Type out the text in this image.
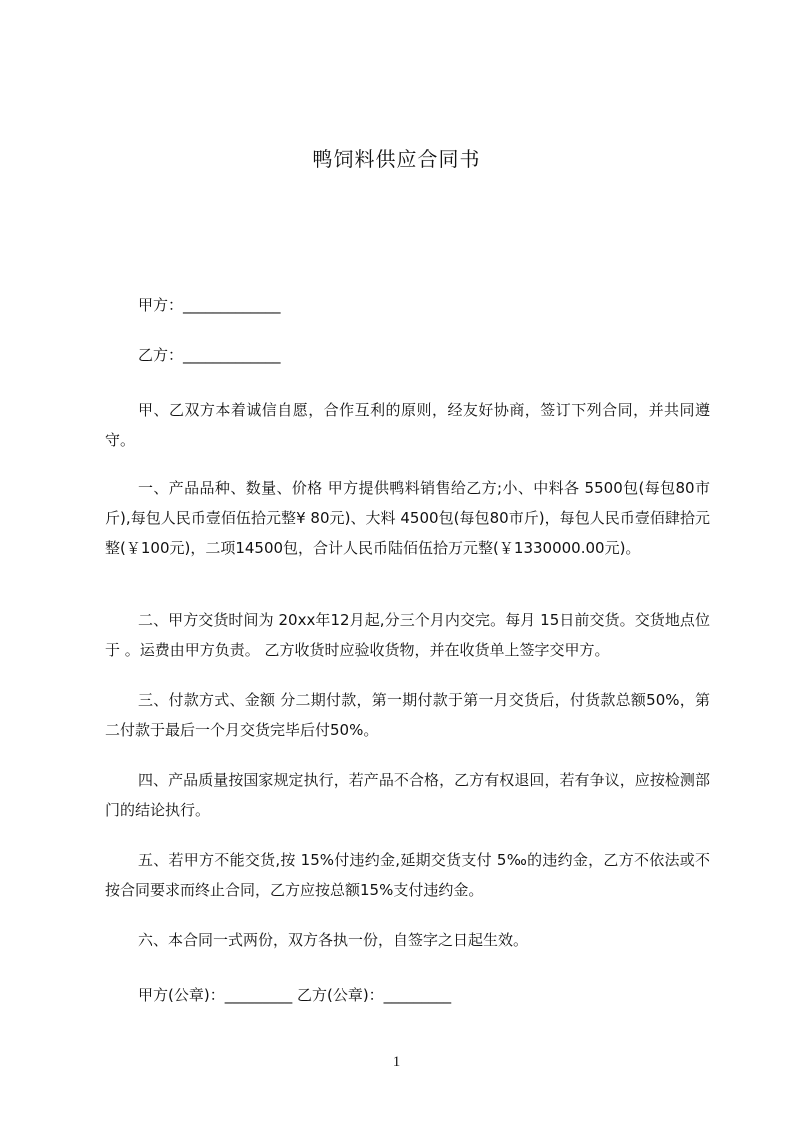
鸭饲料供应合同书
甲方：_____________
乙方：_____________
甲、乙双方本着诚信自愿，合作互利的原则，经友好协商，签订下列合同，并共同遵守。
一、产品品种、数量、价格 甲方提供鸭料销售给乙方;小、中料各 5500包(每包80市斤),每包人民币壹佰伍拾元整¥ 80元)、大料 4500包(每包80市斤)，每包人民币壹佰肆拾元整(￥100元)，二项14500包，合计人民币陆佰伍拾万元整(￥1330000.00元)。
二、甲方交货时间为 20xx年12月起,分三个月内交完。每月 15日前交货。交货地点位于 。运费由甲方负责。 乙方收货时应验收货物，并在收货单上签字交甲方。
三、付款方式、金额 分二期付款，第一期付款于第一月交货后，付货款总额50%，第二付款于最后一个月交货完毕后付50%。
四、产品质量按国家规定执行，若产品不合格，乙方有权退回，若有争议，应按检测部门的结论执行。
五、若甲方不能交货,按 15%付违约金,延期交货支付 5‰的违约金，乙方不依法或不按合同要求而终止合同，乙方应按总额15%支付违约金。
六、本合同一式两份，双方各执一份，自签字之日起生效。
甲方(公章)：_________ 乙方(公章)：_________
1
